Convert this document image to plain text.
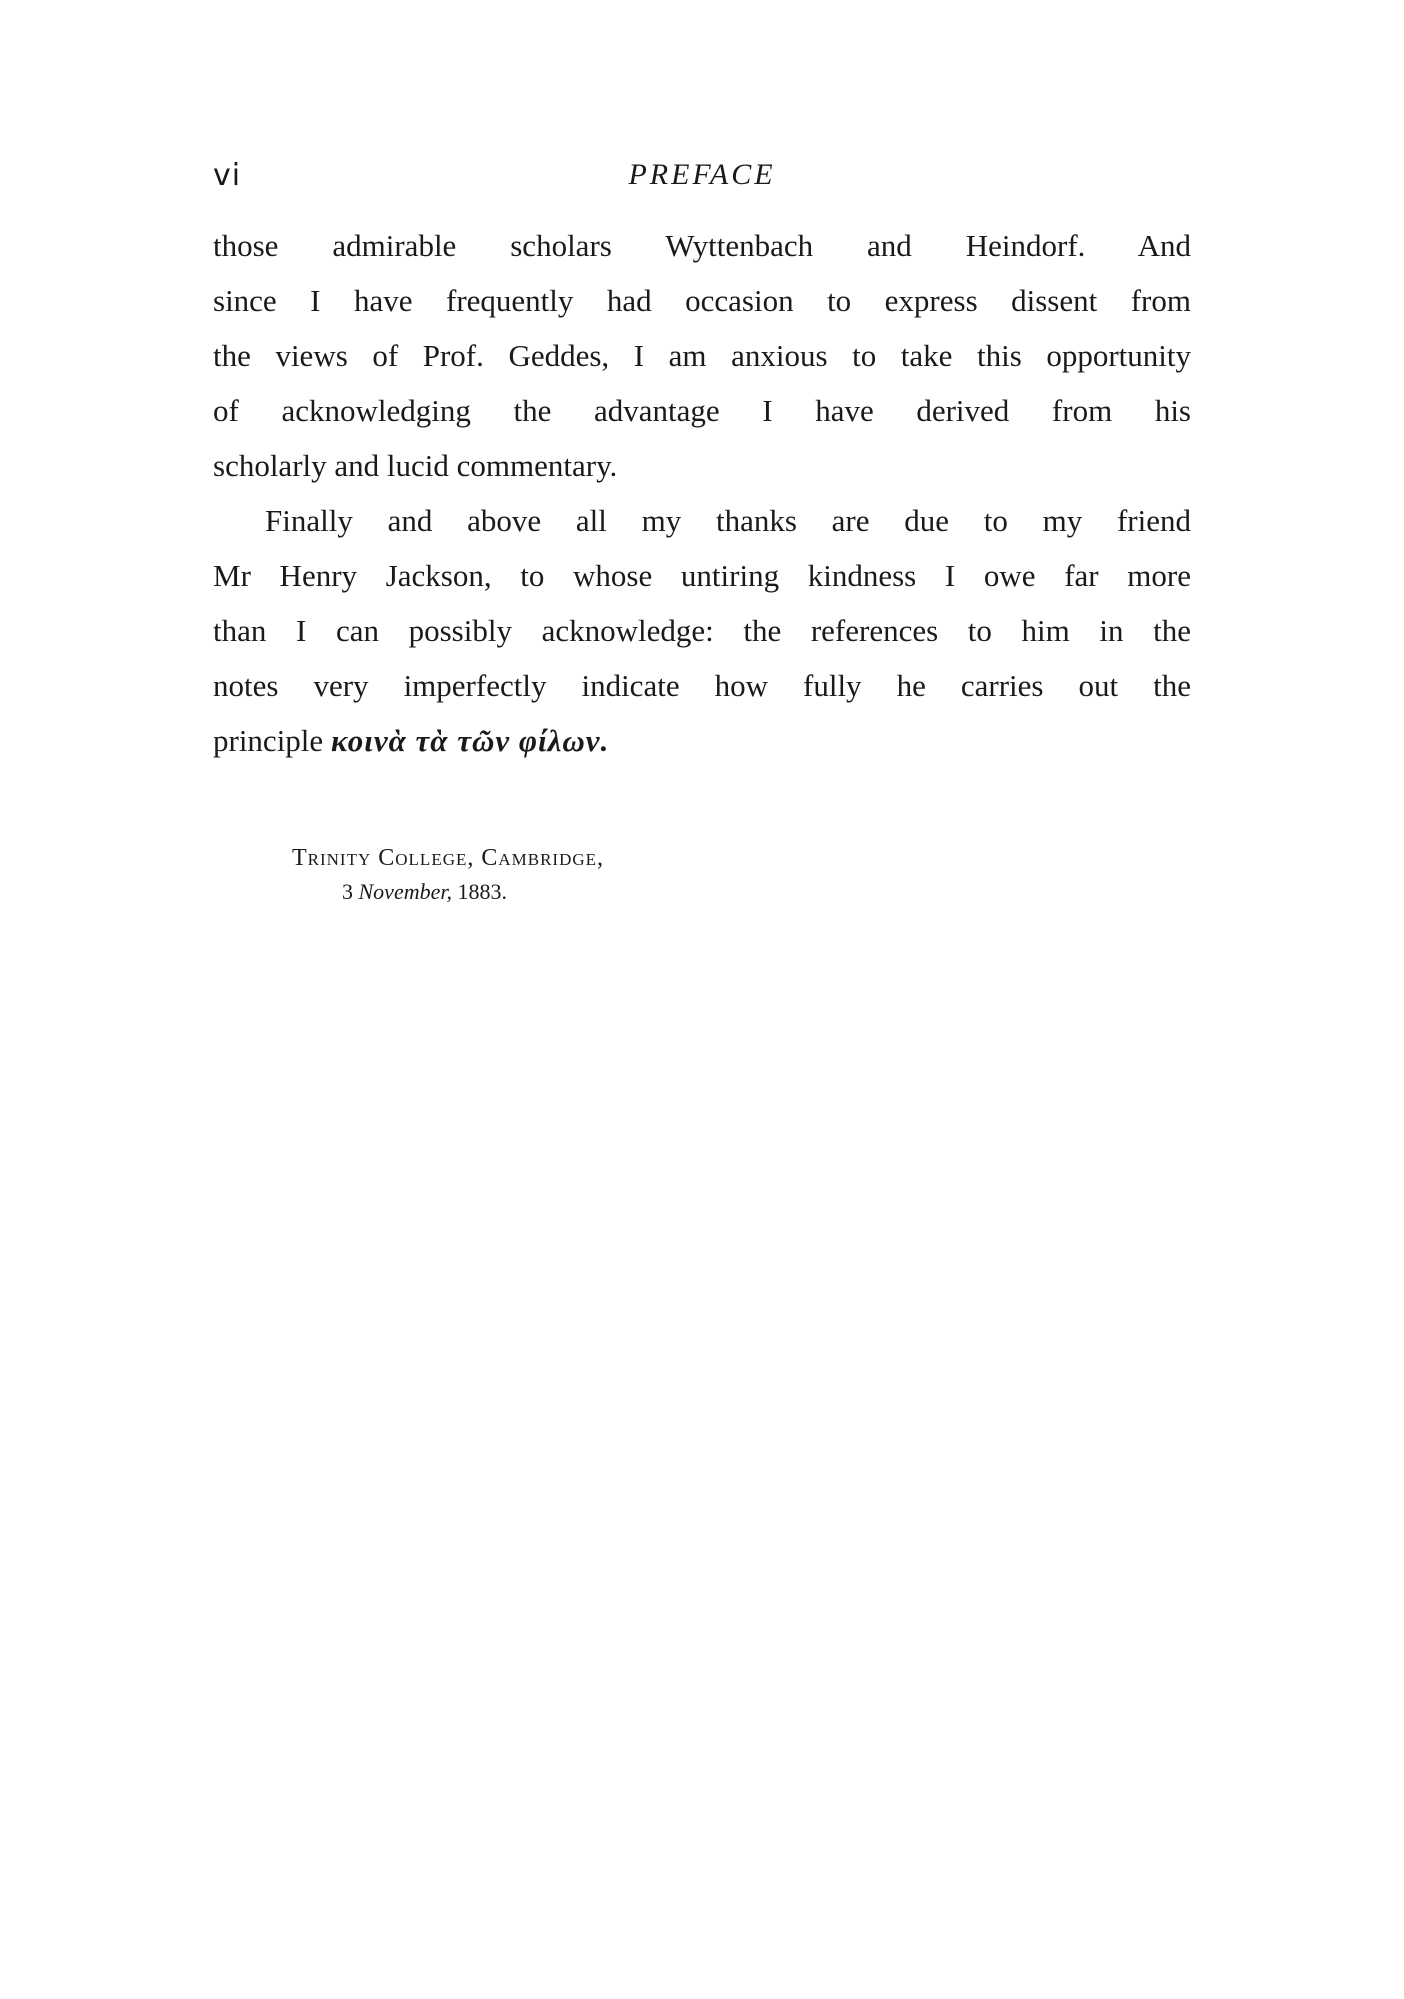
vi	PREFACE
those admirable scholars Wyttenbach and Heindorf. And
since I have frequently had occasion to express dissent from
the views of Prof. Geddes, I am anxious to take this opportunity
of acknowledging the advantage I have derived from his
scholarly and lucid commentary.
Finally and above all my thanks are due to my friend
Mr Henry Jackson, to whose untiring kindness I owe far more
than I can possibly acknowledge: the references to him in the
notes very imperfectly indicate how fully he carries out the
principle κοινὰ τὰ τῶν φίλων.
Trinity College, Cambridge,
3 November, 1883.
